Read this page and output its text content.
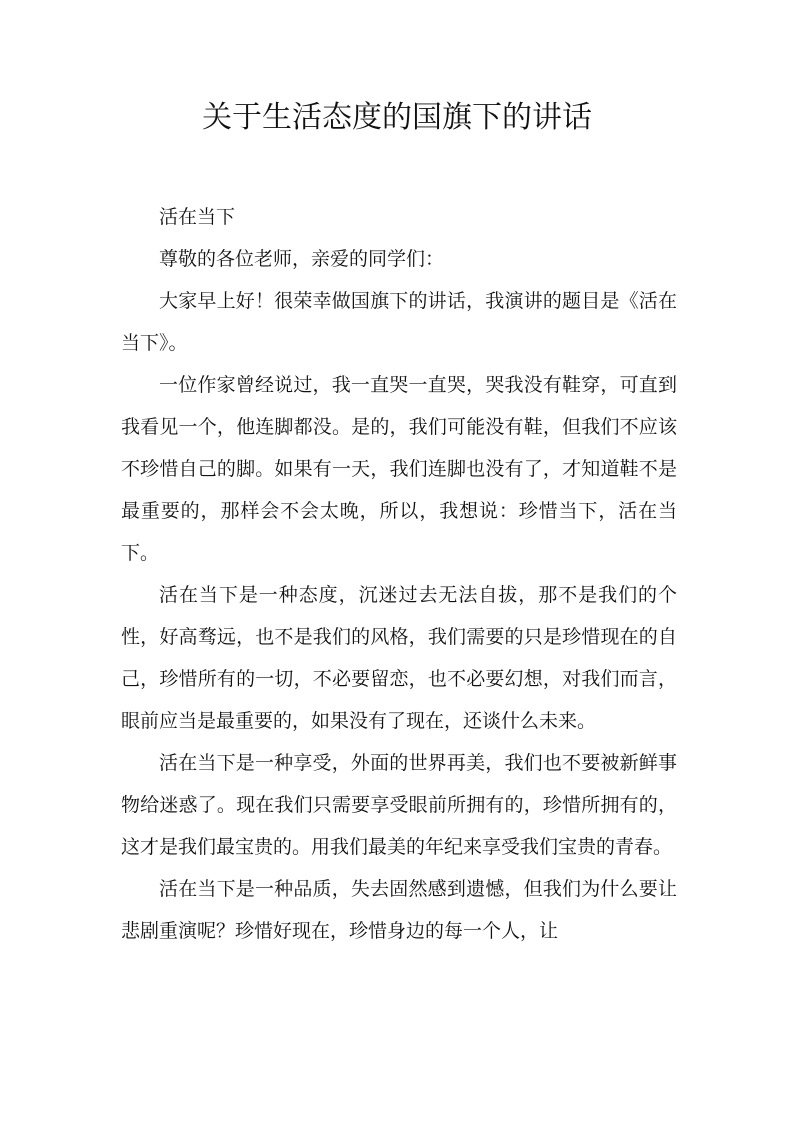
关于生活态度的国旗下的讲话

活在当下

尊敬的各位老师，亲爱的同学们：

大家早上好！很荣幸做国旗下的讲话，我演讲的题目是《活在当下》。

一位作家曾经说过，我一直哭一直哭，哭我没有鞋穿，可直到我看见一个，他连脚都没。是的，我们可能没有鞋，但我们不应该不珍惜自己的脚。如果有一天，我们连脚也没有了，才知道鞋不是最重要的，那样会不会太晚，所以，我想说：珍惜当下，活在当下。

活在当下是一种态度，沉迷过去无法自拔，那不是我们的个性，好高骛远，也不是我们的风格，我们需要的只是珍惜现在的自己，珍惜所有的一切，不必要留恋，也不必要幻想，对我们而言，眼前应当是最重要的，如果没有了现在，还谈什么未来。

活在当下是一种享受，外面的世界再美，我们也不要被新鲜事物给迷惑了。现在我们只需要享受眼前所拥有的，珍惜所拥有的，这才是我们最宝贵的。用我们最美的年纪来享受我们宝贵的青春。

活在当下是一种品质，失去固然感到遗憾，但我们为什么要让悲剧重演呢？珍惜好现在，珍惜身边的每一个人，让
